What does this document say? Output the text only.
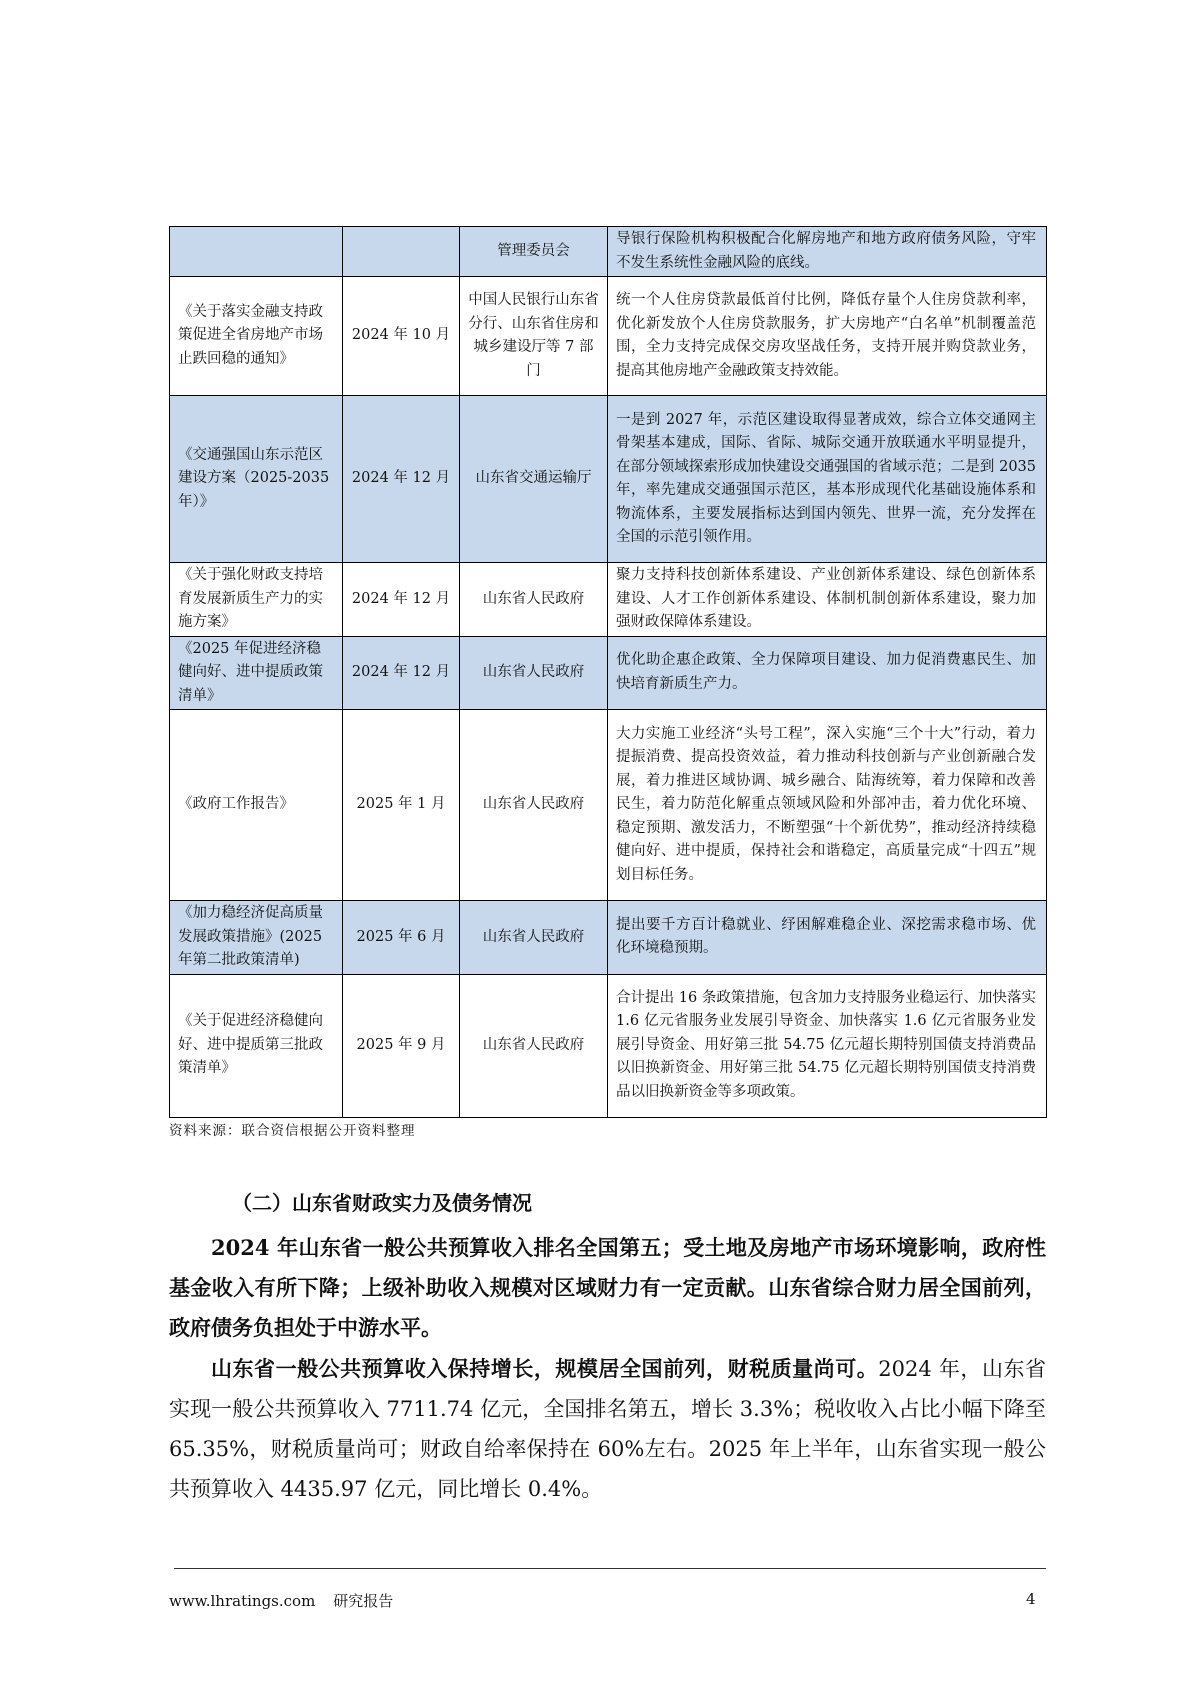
		管理委员会	导银行保险机构积极配合化解房地产和地方政府债务风险，守牢不发生系统性金融风险的底线。
《关于落实金融支持政策促进全省房地产市场止跌回稳的通知》	2024 年 10 月	中国人民银行山东省分行、山东省住房和城乡建设厅等 7 部门	统一个人住房贷款最低首付比例，降低存量个人住房贷款利率，优化新发放个人住房贷款服务，扩大房地产“白名单”机制覆盖范围，全力支持完成保交房攻坚战任务，支持开展并购贷款业务，提高其他房地产金融政策支持效能。
《交通强国山东示范区建设方案（2025-2035 年）》	2024 年 12 月	山东省交通运输厅	一是到 2027 年，示范区建设取得显著成效，综合立体交通网主骨架基本建成，国际、省际、城际交通开放联通水平明显提升，在部分领域探索形成加快建设交通强国的省域示范；二是到 2035 年，率先建成交通强国示范区，基本形成现代化基础设施体系和物流体系，主要发展指标达到国内领先、世界一流，充分发挥在全国的示范引领作用。
《关于强化财政支持培育发展新质生产力的实施方案》	2024 年 12 月	山东省人民政府	聚力支持科技创新体系建设、产业创新体系建设、绿色创新体系建设、人才工作创新体系建设、体制机制创新体系建设，聚力加强财政保障体系建设。
《2025 年促进经济稳健向好、进中提质政策清单》	2024 年 12 月	山东省人民政府	优化助企惠企政策、全力保障项目建设、加力促消费惠民生、加快培育新质生产力。
《政府工作报告》	2025 年 1 月	山东省人民政府	大力实施工业经济“头号工程”，深入实施“三个十大”行动，着力提振消费、提高投资效益，着力推动科技创新与产业创新融合发展，着力推进区域协调、城乡融合、陆海统筹，着力保障和改善民生，着力防范化解重点领域风险和外部冲击，着力优化环境、稳定预期、激发活力，不断塑强“十个新优势”，推动经济持续稳健向好、进中提质，保持社会和谐稳定，高质量完成“十四五”规划目标任务。
《加力稳经济促高质量发展政策措施》(2025 年第二批政策清单)	2025 年 6 月	山东省人民政府	提出要千方百计稳就业、纾困解难稳企业、深挖需求稳市场、优化环境稳预期。
《关于促进经济稳健向好、进中提质第三批政策清单》	2025 年 9 月	山东省人民政府	合计提出 16 条政策措施，包含加力支持服务业稳运行、加快落实 1.6 亿元省服务业发展引导资金、加快落实 1.6 亿元省服务业发展引导资金、用好第三批 54.75 亿元超长期特别国债支持消费品以旧换新资金、用好第三批 54.75 亿元超长期特别国债支持消费品以旧换新资金等多项政策。
资料来源：联合资信根据公开资料整理
（二）山东省财政实力及债务情况

2024 年山东省一般公共预算收入排名全国第五；受土地及房地产市场环境影响，政府性基金收入有所下降；上级补助收入规模对区域财力有一定贡献。山东省综合财力居全国前列，政府债务负担处于中游水平。

山东省一般公共预算收入保持增长，规模居全国前列，财税质量尚可。2024 年，山东省实现一般公共预算收入 7711.74 亿元，全国排名第五，增长 3.3%；税收收入占比小幅下降至 65.35%，财税质量尚可；财政自给率保持在 60%左右。2025 年上半年，山东省实现一般公共预算收入 4435.97 亿元，同比增长 0.4%。

www.lhratings.com 研究报告	4
